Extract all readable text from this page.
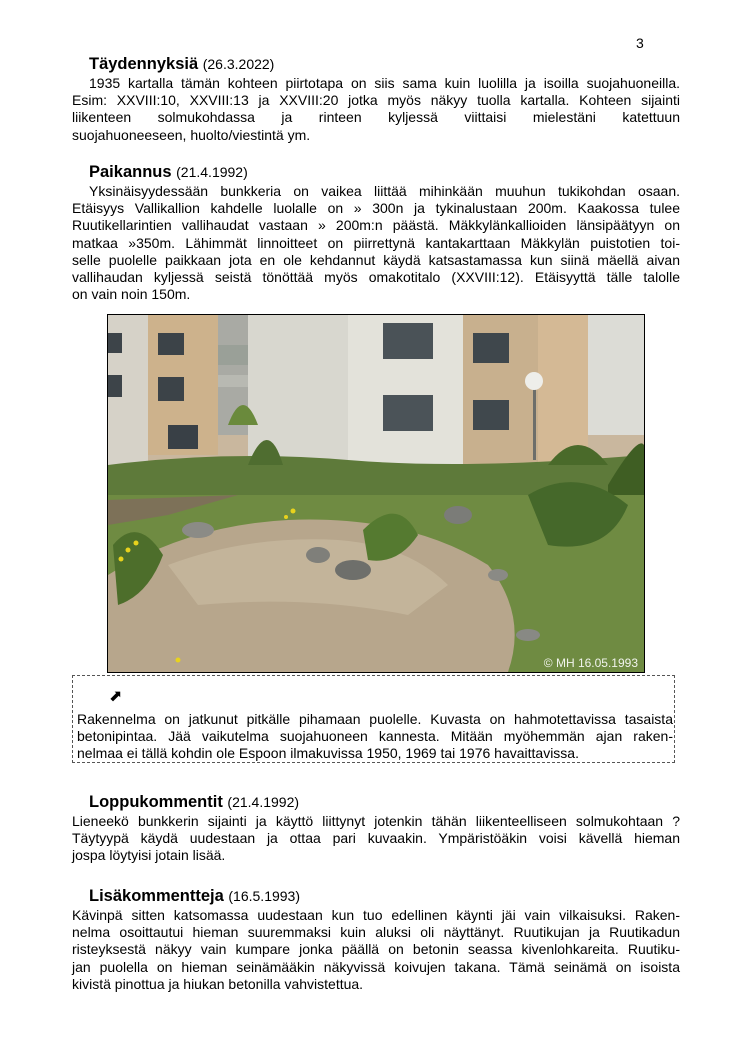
3
Täydennyksiä (26.3.2022)

1935 kartalla tämän kohteen piirtotapa on siis sama kuin luolilla ja isoilla suojahuoneilla.
Esim: XXVIII:10, XXVIII:13 ja XXVIII:20 jotka myös näkyy tuolla kartalla. Kohteen sijainti
liikenteen solmukohdassa ja rinteen kyljessä viittaisi mielestäni katettuun
suojahuoneeseen, huolto/viestintä ym.

Paikannus (21.4.1992)

Yksinäisyydessään bunkkeria on vaikea liittää mihinkään muuhun tukikohdan osaan.
Etäisyys Vallikallion kahdelle luolalle on » 300n ja tykinalustaan 200m. Kaakossa tulee
Ruutikellarintien vallihaudat vastaan » 200m:n päästä. Mäkkylänkallioiden länsipäätyyn on
matkaa »350m. Lähimmät linnoitteet on piirrettynä kantakarttaan Mäkkylän puistotien toi-
selle puolelle paikkaan jota en ole kehdannut käydä katsastamassa kun siinä mäellä aivan
vallihaudan kyljessä seistä tönöttää myös omakotitalo (XXVIII:12). Etäisyyttä tälle talolle
on vain noin 150m.

© MH 16.05.1993
⬈

Rakennelma on jatkunut pitkälle pihamaan puolelle. Kuvasta on hahmotettavissa tasaista
betonipintaa. Jää vaikutelma suojahuoneen kannesta. Mitään myöhemmän ajan raken-
nelmaa ei tällä kohdin ole Espoon ilmakuvissa 1950, 1969 tai 1976 havaittavissa.

Loppukommentit (21.4.1992)

Lieneekö bunkkerin sijainti ja käyttö liittynyt jotenkin tähän liikenteelliseen solmukohtaan ?
Täytyypä käydä uudestaan ja ottaa pari kuvaakin. Ympäristöäkin voisi kävellä hieman
jospa löytyisi jotain lisää.

Lisäkommentteja (16.5.1993)

Kävinpä sitten katsomassa uudestaan kun tuo edellinen käynti jäi vain vilkaisuksi. Raken-
nelma osoittautui hieman suuremmaksi kuin aluksi oli näyttänyt. Ruutikujan ja Ruutikadun
risteyksestä näkyy vain kumpare jonka päällä on betonin seassa kivenlohkareita. Ruutiku-
jan puolella on hieman seinämääkin näkyvissä koivujen takana. Tämä seinämä on isoista
kivistä pinottua ja hiukan betonilla vahvistettua.
